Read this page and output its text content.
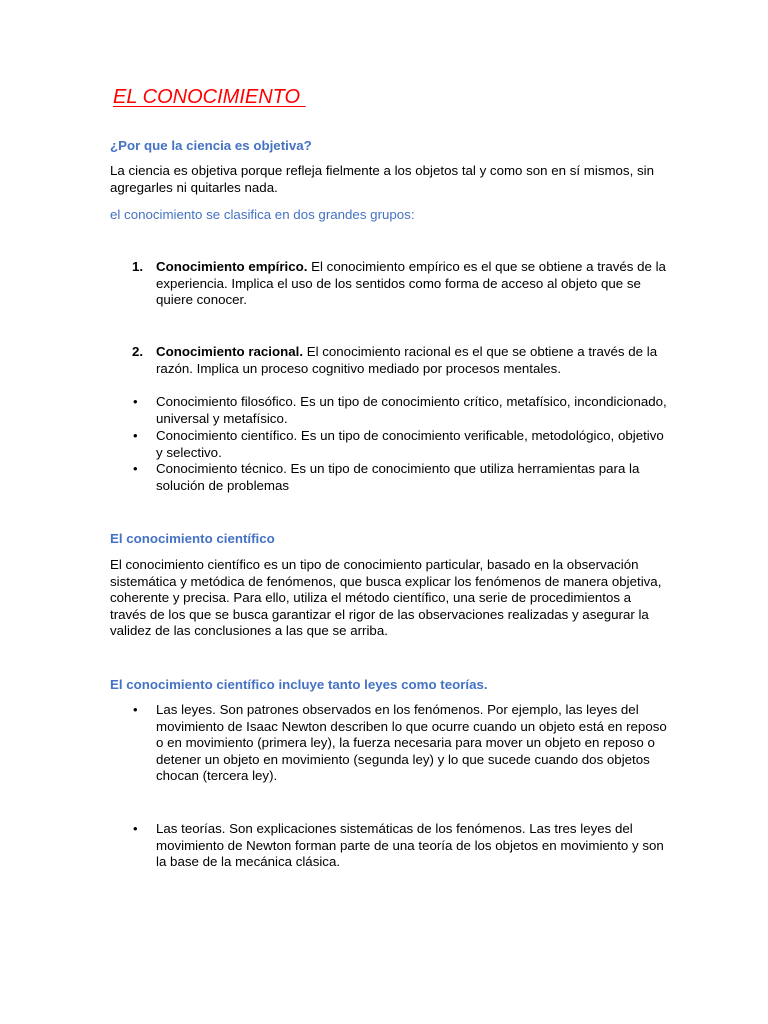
EL CONOCIMIENTO
¿Por que la ciencia es objetiva?

La ciencia es objetiva porque refleja fielmente a los objetos tal y como son en sí mismos, sin agregarles ni quitarles nada.

el conocimiento se clasifica en dos grandes grupos:

1. Conocimiento empírico. El conocimiento empírico es el que se obtiene a través de la experiencia. Implica el uso de los sentidos como forma de acceso al objeto que se quiere conocer.
2. Conocimiento racional. El conocimiento racional es el que se obtiene a través de la razón. Implica un proceso cognitivo mediado por procesos mentales.
•	Conocimiento filosófico. Es un tipo de conocimiento crítico, metafísico, incondicionado, universal y metafísico.
•	Conocimiento científico. Es un tipo de conocimiento verificable, metodológico, objetivo y selectivo.
•	Conocimiento técnico. Es un tipo de conocimiento que utiliza herramientas para la solución de problemas
El conocimiento científico

El conocimiento científico es un tipo de conocimiento particular, basado en la observación sistemática y metódica de fenómenos, que busca explicar los fenómenos de manera objetiva, coherente y precisa. Para ello, utiliza el método científico, una serie de procedimientos a través de los que se busca garantizar el rigor de las observaciones realizadas y asegurar la validez de las conclusiones a las que se arriba.

El conocimiento científico incluye tanto leyes como teorías.
•	Las leyes. Son patrones observados en los fenómenos. Por ejemplo, las leyes del movimiento de Isaac Newton describen lo que ocurre cuando un objeto está en reposo o en movimiento (primera ley), la fuerza necesaria para mover un objeto en reposo o detener un objeto en movimiento (segunda ley) y lo que sucede cuando dos objetos chocan (tercera ley).
•	Las teorías. Son explicaciones sistemáticas de los fenómenos. Las tres leyes del movimiento de Newton forman parte de una teoría de los objetos en movimiento y son la base de la mecánica clásica.
